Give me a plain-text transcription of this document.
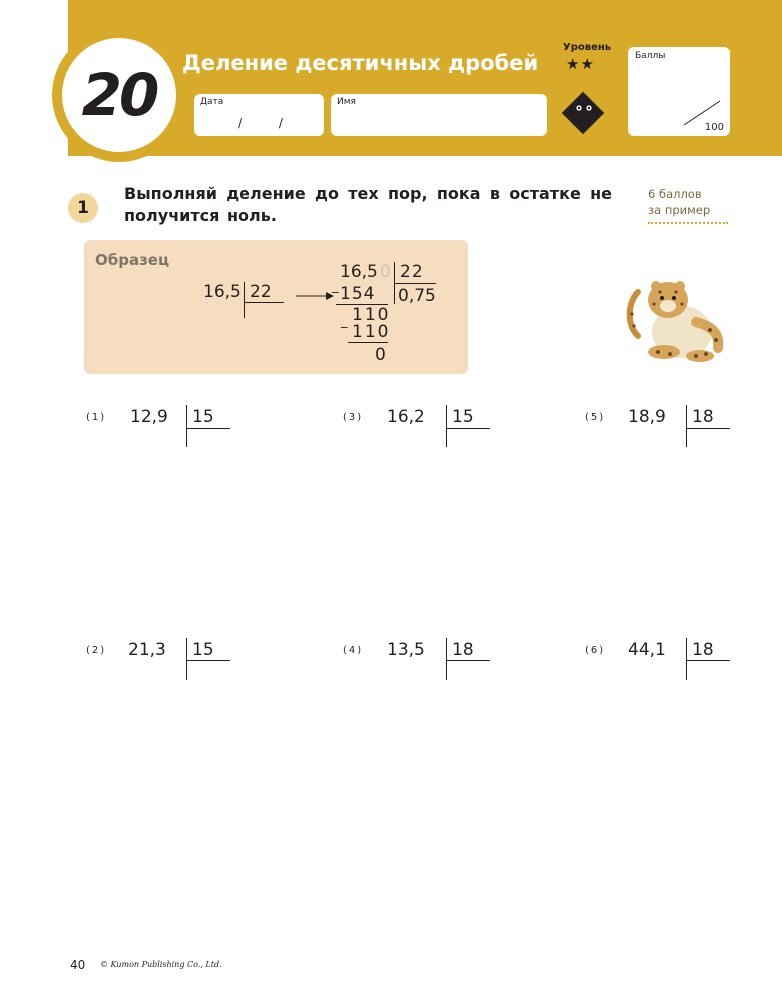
20 Деление десятичных дробей
Дата
/      /
Имя
Уровень
★★	Баллы
100
1
Выполняй деление до тех пор, пока в остатке не получится ноль.
6 баллов
за пример
Образец
16,5 22
16,5 0 22
0,75
_ 154
110
_
110
0
(1) 12,9 15	(3) 16,2 15	(5) 18,9 18
(2) 21,3 15	(4) 13,5 18	(6) 44,1 18
40 © Kumon Publishing Co., Ltd.
